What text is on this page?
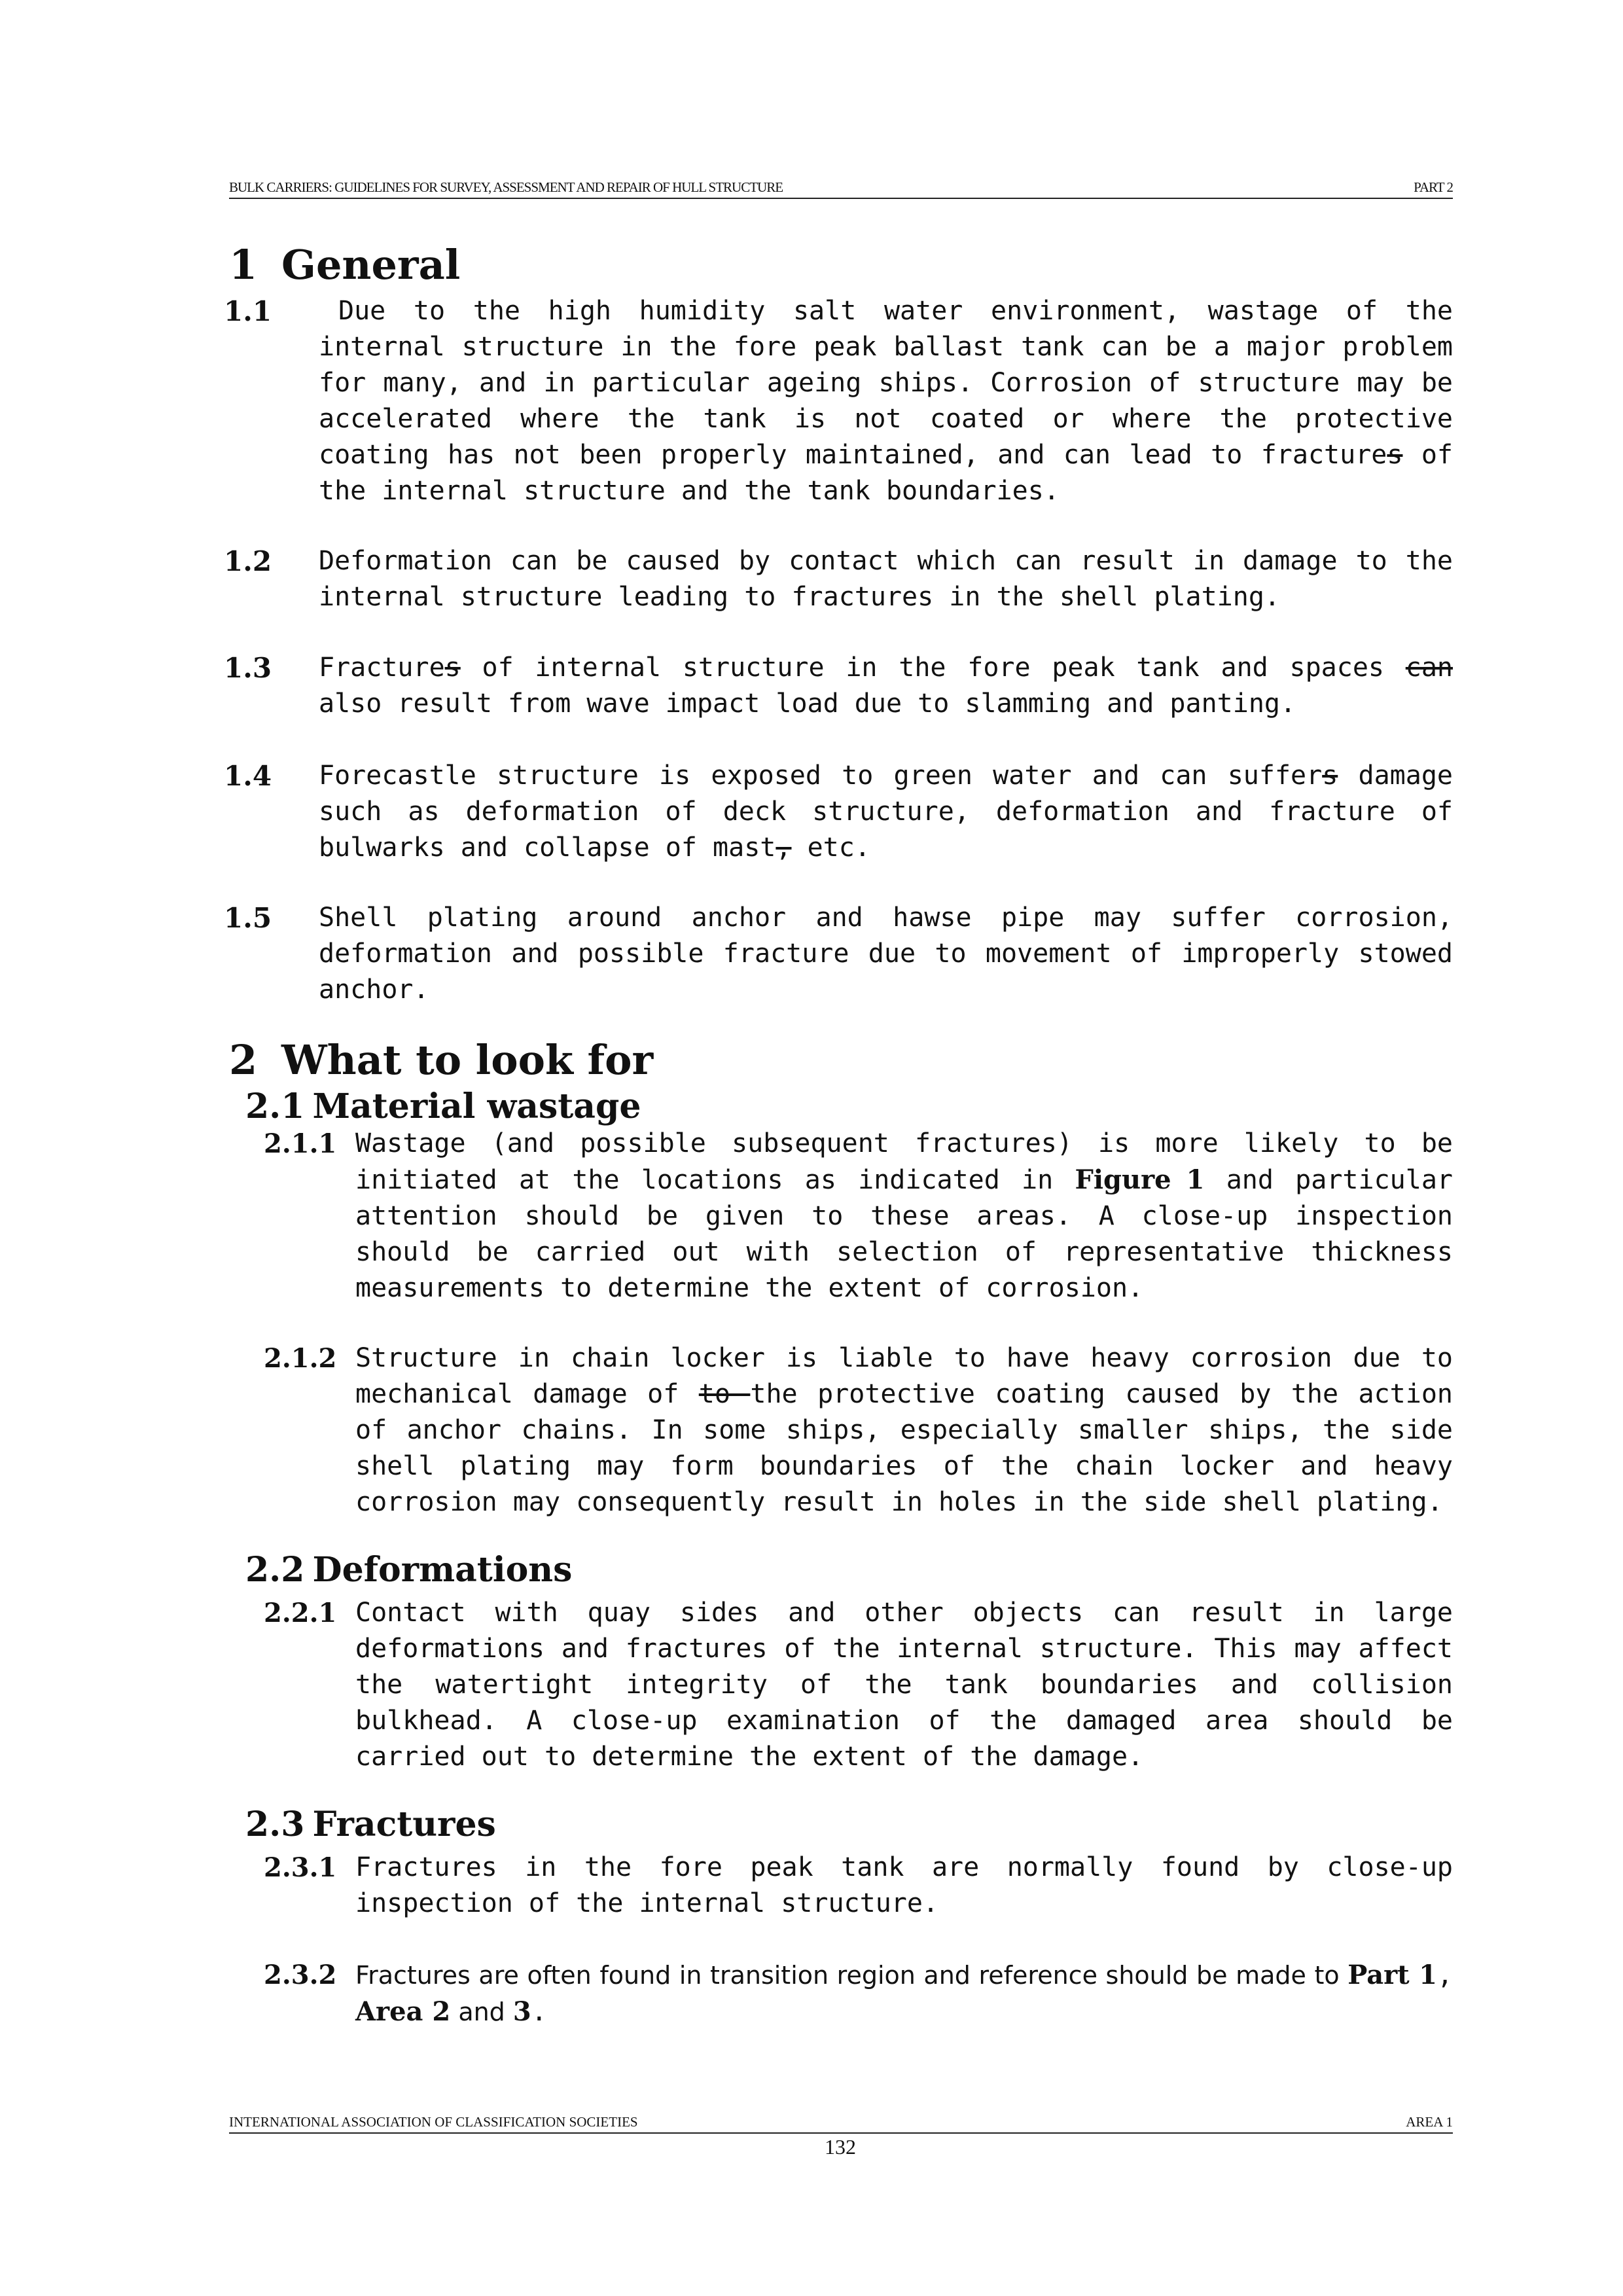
BULK CARRIERS: GUIDELINES FOR SURVEY, ASSESSMENT AND REPAIR OF HULL STRUCTURE	PART 2
1 General
1.1	Due to the high humidity salt water environment, wastage of the internal structure in the fore peak ballast tank can be a major problem for many, and in particular ageing ships. Corrosion of structure may be accelerated where the tank is not coated or where the protective coating has not been properly maintained, and can lead to fractures of the internal structure and the tank boundaries.
1.2 Deformation can be caused by contact which can result in damage to the internal structure leading to fractures in the shell plating.
1.3 Fractures of internal structure in the fore peak tank and spaces can also result from wave impact load due to slamming and panting.
1.4 Forecastle structure is exposed to green water and can suffers damage such as deformation of deck structure, deformation and fracture of bulwarks and collapse of mast, etc.
1.5 Shell plating around anchor and hawse pipe may suffer corrosion, deformation and possible fracture due to movement of improperly stowed anchor.
2 What to look for
2.1 Material wastage
2.1.1 Wastage (and possible subsequent fractures) is more likely to be initiated at the locations as indicated in Figure 1 and particular attention should be given to these areas. A close-up inspection should be carried out with selection of representative thickness measurements to determine the extent of corrosion.
2.1.2 Structure in chain locker is liable to have heavy corrosion due to mechanical damage of to the protective coating caused by the action of anchor chains. In some ships, especially smaller ships, the side shell plating may form boundaries of the chain locker and heavy corrosion may consequently result in holes in the side shell plating.
2.2 Deformations
2.2.1 Contact with quay sides and other objects can result in large deformations and fractures of the internal structure. This may affect the watertight integrity of the tank boundaries and collision bulkhead. A close-up examination of the damaged area should be carried out to determine the extent of the damage.
2.3 Fractures
2.3.1 Fractures in the fore peak tank are normally found by close-up inspection of the internal structure.
2.3.2 Fractures are often found in transition region and reference should be made to Part 1, Area 2 and 3.
INTERNATIONAL ASSOCIATION OF CLASSIFICATION SOCIETIES	AREA 1
132
